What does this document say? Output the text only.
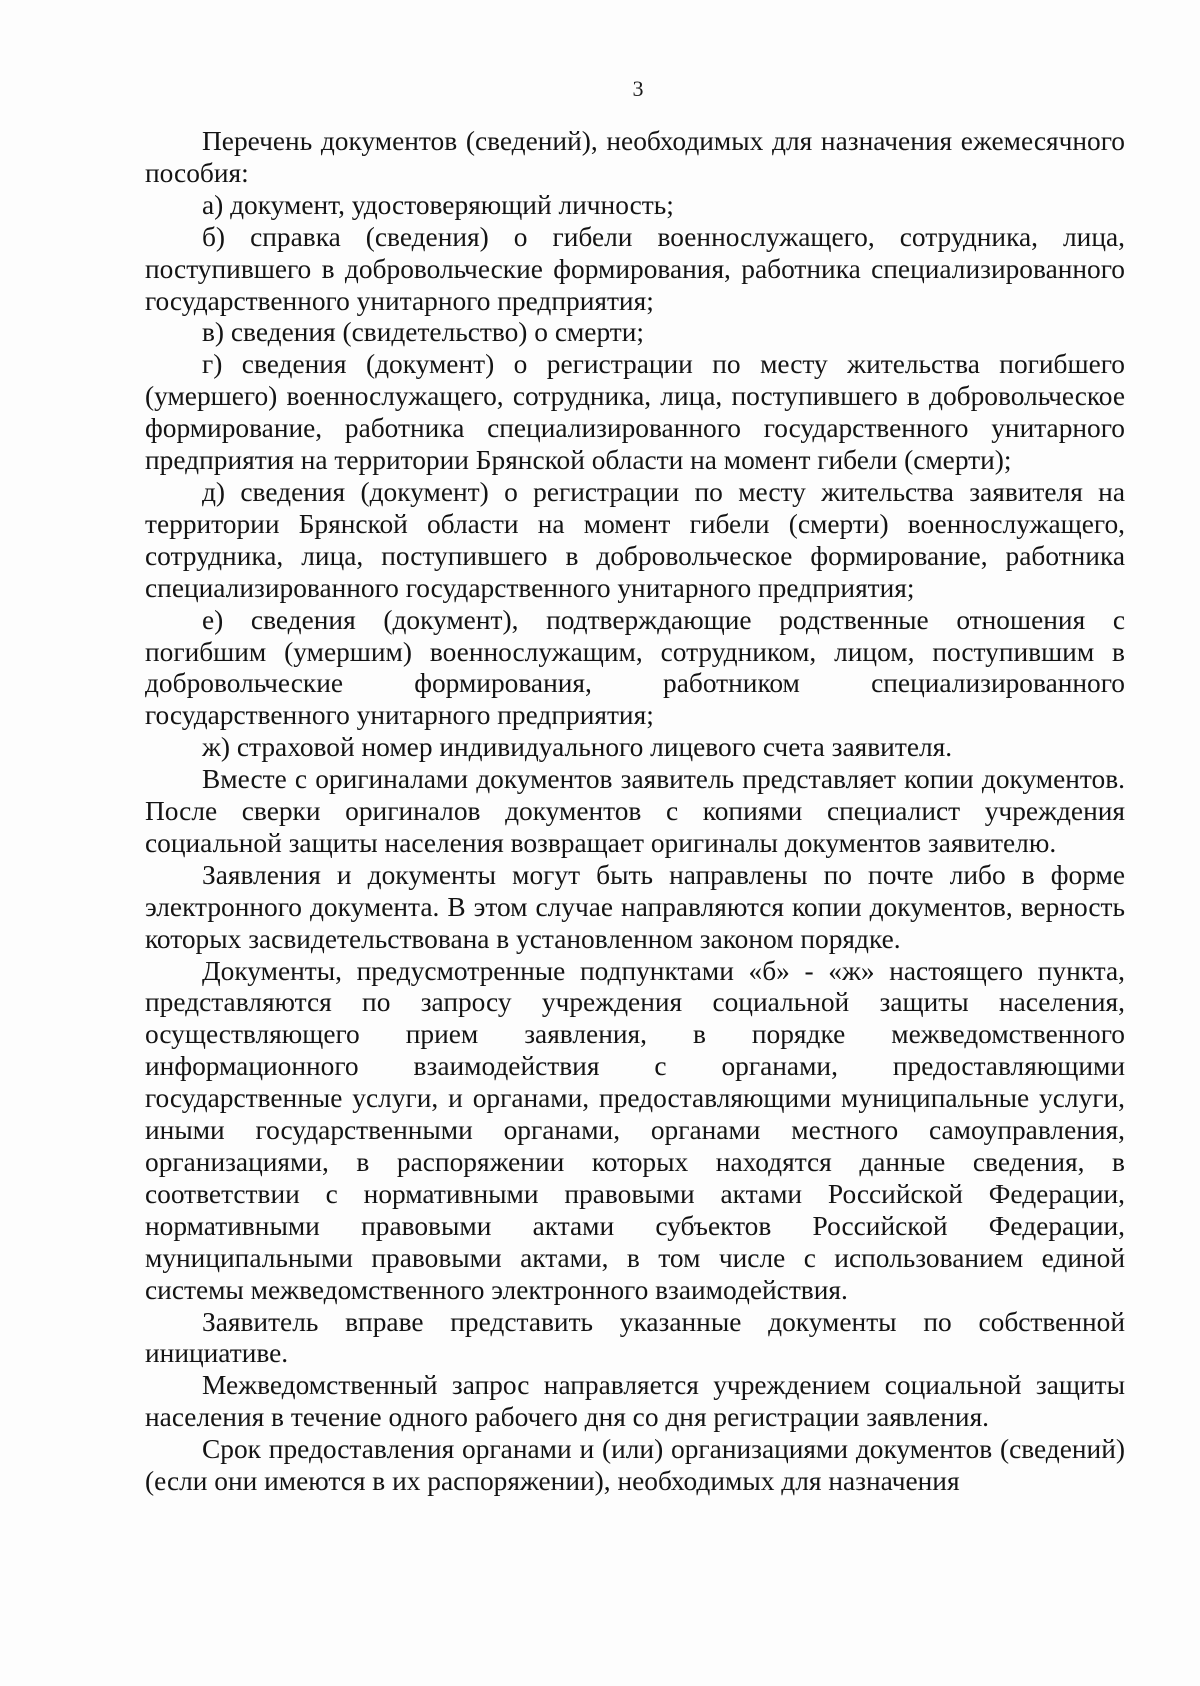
3

Перечень документов (сведений), необходимых для назначения ежемесячного пособия:

а) документ, удостоверяющий личность;

б) справка (сведения) о гибели военнослужащего, сотрудника, лица, поступившего в добровольческие формирования, работника специализированного государственного унитарного предприятия;

в) сведения (свидетельство) о смерти;

г) сведения (документ) о регистрации по месту жительства погибшего (умершего) военнослужащего, сотрудника, лица, поступившего в добровольческое формирование, работника специализированного государственного унитарного предприятия на территории Брянской области на момент гибели (смерти);

д) сведения (документ) о регистрации по месту жительства заявителя на территории Брянской области на момент гибели (смерти) военнослужащего, сотрудника, лица, поступившего в добровольческое формирование, работника специализированного государственного унитарного предприятия;

е) сведения (документ), подтверждающие родственные отношения с погибшим (умершим) военнослужащим, сотрудником, лицом, поступившим в добровольческие формирования, работником специализированного государственного унитарного предприятия;

ж) страховой номер индивидуального лицевого счета заявителя.

Вместе с оригиналами документов заявитель представляет копии документов. После сверки оригиналов документов с копиями специалист учреждения социальной защиты населения возвращает оригиналы документов заявителю.

Заявления и документы могут быть направлены по почте либо в форме электронного документа. В этом случае направляются копии документов, верность которых засвидетельствована в установленном законом порядке.

Документы, предусмотренные подпунктами «б» - «ж» настоящего пункта, представляются по запросу учреждения социальной защиты населения, осуществляющего прием заявления, в порядке межведомственного информационного взаимодействия с органами, предоставляющими государственные услуги, и органами, предоставляющими муниципальные услуги, иными государственными органами, органами местного самоуправления, организациями, в распоряжении которых находятся данные сведения, в соответствии с нормативными правовыми актами Российской Федерации, нормативными правовыми актами субъектов Российской Федерации, муниципальными правовыми актами, в том числе с использованием единой системы межведомственного электронного взаимодействия.

Заявитель вправе представить указанные документы по собственной инициативе.

Межведомственный запрос направляется учреждением социальной защиты населения в течение одного рабочего дня со дня регистрации заявления.

Срок предоставления органами и (или) организациями документов (сведений) (если они имеются в их распоряжении), необходимых для назначения
